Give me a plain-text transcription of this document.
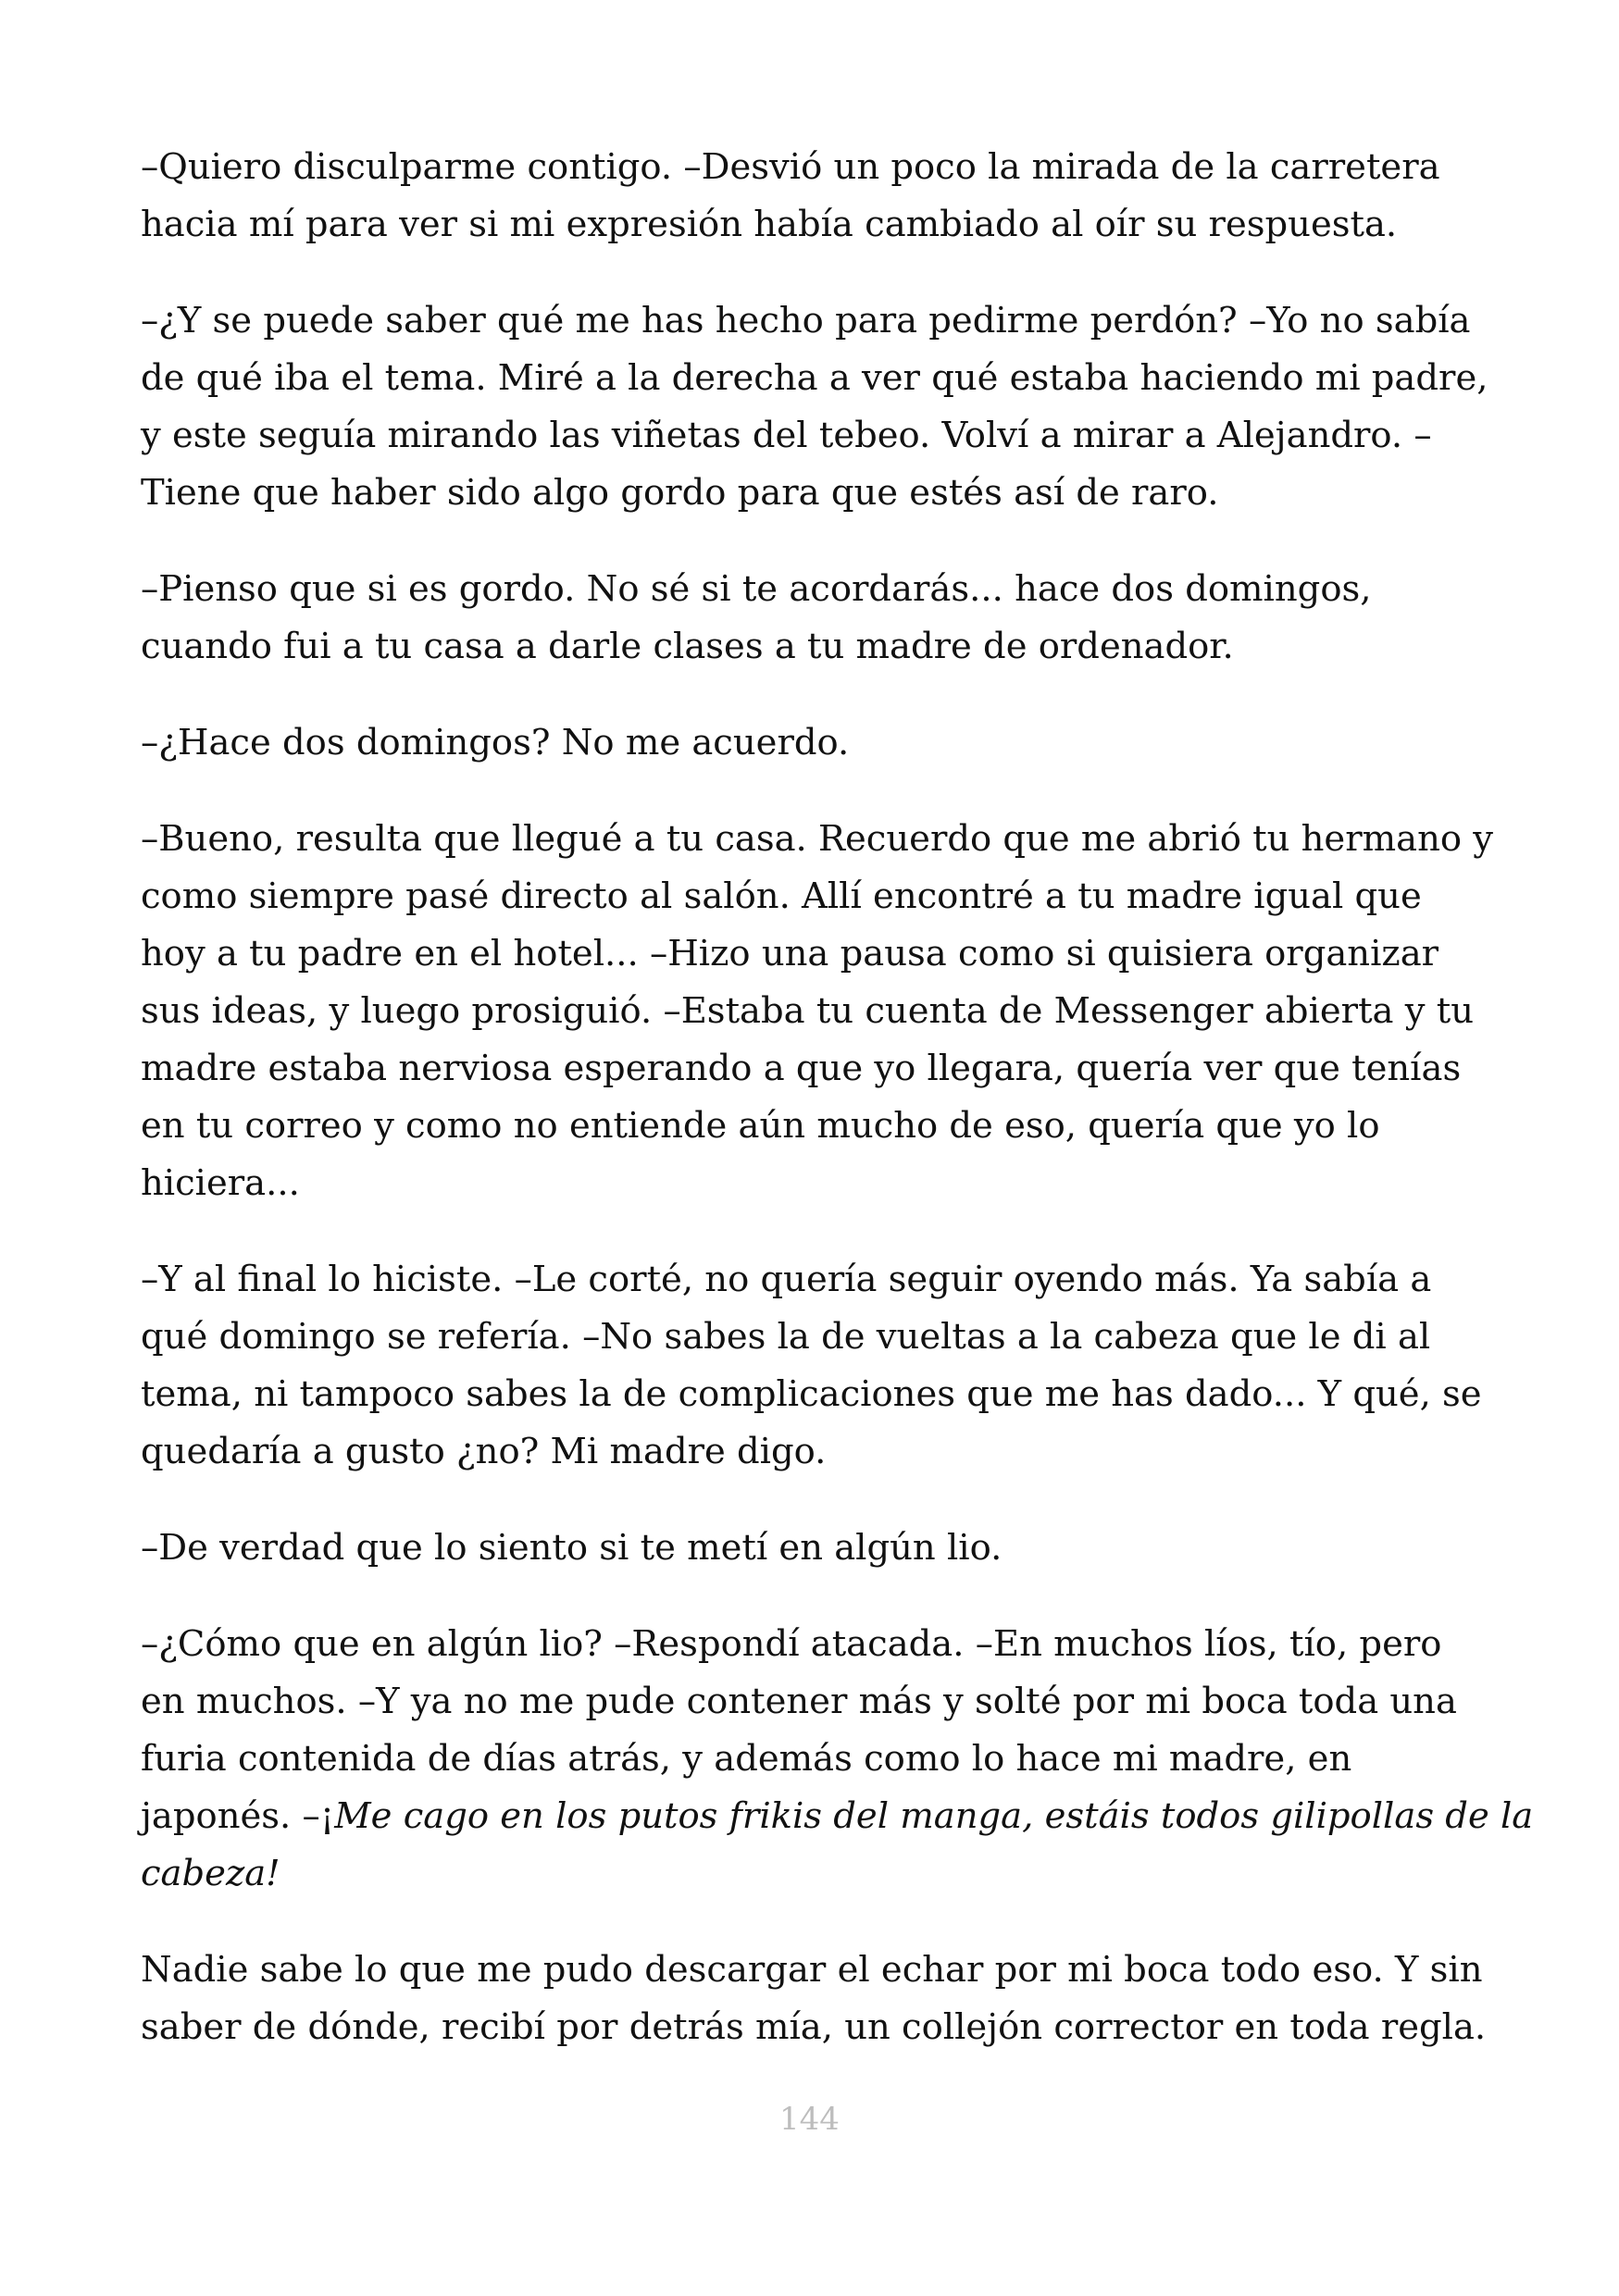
–Quiero disculparme contigo. –Desvió un poco la mirada de la carretera
hacia mí para ver si mi expresión había cambiado al oír su respuesta.

–¿Y se puede saber qué me has hecho para pedirme perdón? –Yo no sabía
de qué iba el tema. Miré a la derecha a ver qué estaba haciendo mi padre,
y este seguía mirando las viñetas del tebeo. Volví a mirar a Alejandro. –
Tiene que haber sido algo gordo para que estés así de raro.

–Pienso que si es gordo. No sé si te acordarás... hace dos domingos,
cuando fui a tu casa a darle clases a tu madre de ordenador.

–¿Hace dos domingos? No me acuerdo.

–Bueno, resulta que llegué a tu casa. Recuerdo que me abrió tu hermano y
como siempre pasé directo al salón. Allí encontré a tu madre igual que
hoy a tu padre en el hotel... –Hizo una pausa como si quisiera organizar
sus ideas, y luego prosiguió. –Estaba tu cuenta de Messenger abierta y tu
madre estaba nerviosa esperando a que yo llegara, quería ver que tenías
en tu correo y como no entiende aún mucho de eso, quería que yo lo
hiciera...

–Y al final lo hiciste. –Le corté, no quería seguir oyendo más. Ya sabía a
qué domingo se refería. –No sabes la de vueltas a la cabeza que le di al
tema, ni tampoco sabes la de complicaciones que me has dado... Y qué, se
quedaría a gusto ¿no? Mi madre digo.

–De verdad que lo siento si te metí en algún lio.

–¿Cómo que en algún lio? –Respondí atacada. –En muchos líos, tío, pero
en muchos. –Y ya no me pude contener más y solté por mi boca toda una
furia contenida de días atrás, y además como lo hace mi madre, en
japonés. –¡Me cago en los putos frikis del manga, estáis todos gilipollas de la
cabeza!

Nadie sabe lo que me pudo descargar el echar por mi boca todo eso. Y sin
saber de dónde, recibí por detrás mía, un collejón corrector en toda regla.

144
